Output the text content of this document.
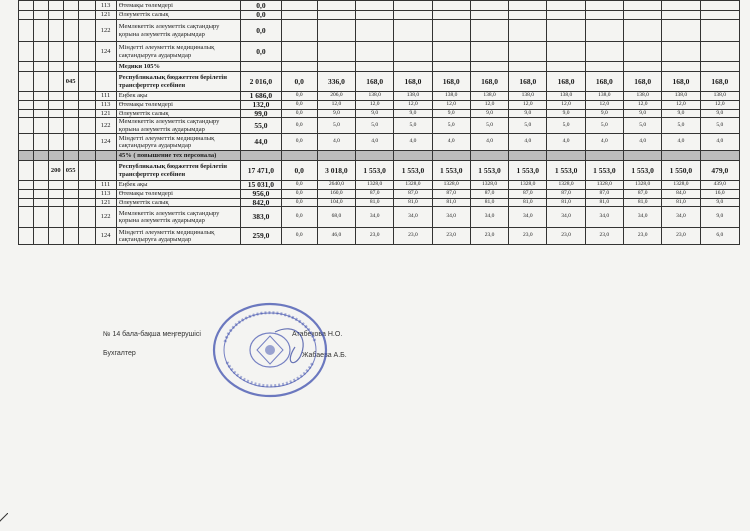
					113	Өтемақы төлемдері	0,0												
					121	Әлеуметтік салық	0,0												
					122	Мемлекеттік әлеуметтік сақтандыру қорына әлеуметтік аударымдар	0,0												
					124	Міндетті әлеуметтік медициналық сақтандыруға аударымдар	0,0												
						Медики 105%													
			045			Республикалық бюджеттен берілетін трансферттер есебінен	2 016,0	0,0	336,0	168,0	168,0	168,0	168,0	168,0	168,0	168,0	168,0	168,0	168,0
					111	Еңбек ақы	1 686,0	0,0	206,0	138,0	138,0	138,0	138,0	138,0	138,0	138,0	138,0	138,0	138,0
					113	Өтемақы төлемдері	132,0	0,0	12,0	12,0	12,0	12,0	12,0	12,0	12,0	12,0	12,0	12,0	12,0
					121	Әлеуметтік салық	99,0	0,0	9,0	9,0	9,0	9,0	9,0	9,0	9,0	9,0	9,0	9,0	9,0
					122	Мемлекеттік әлеуметтік сақтандыру қорына әлеуметтік аударымдар	55,0	0,0	5,0	5,0	5,0	5,0	5,0	5,0	5,0	5,0	5,0	5,0	5,0
					124	Міндетті әлеуметтік медициналық сақтандыруға аударымдар	44,0	0,0	4,0	4,0	4,0	4,0	4,0	4,0	4,0	4,0	4,0	4,0	4,0
						45% ( повышение тех персонала)													
		200	055			Республикалық бюджеттен берілетін трансферттер есебінен	17 471,0	0,0	3 018,0	1 553,0	1 553,0	1 553,0	1 553,0	1 553,0	1 553,0	1 553,0	1 553,0	1 550,0	479,0
					111	Еңбек ақы	15 031,0	0,0	2640,0	1328,0	1328,0	1328,0	1328,0	1328,0	1328,0	1328,0	1328,0	1328,0	439,0
					113	Өтемақы төлемдері	956,0	0,0	160,0	87,0	87,0	87,0	87,0	87,0	87,0	87,0	87,0	84,0	16,0
					121	Әлеуметтік салық	842,0	0,0	104,0	81,0	81,0	81,0	81,0	81,0	81,0	81,0	81,0	81,0	9,0
					122	Мемлекеттік әлеуметтік сақтандыру қорына әлеуметтік аударымдар	383,0	0,0	68,0	34,0	34,0	34,0	34,0	34,0	34,0	34,0	34,0	34,0	9,0
					124	Міндетті әлеуметтік медициналық сақтандыруға аударымдар	259,0	0,0	46,0	23,0	23,0	23,0	23,0	23,0	23,0	23,0	23,0	23,0	6,0
№ 14 бала-бақша меңгерушісі	Атабекова Н.О.
Бухгалтер	Жабаева А.Б.
